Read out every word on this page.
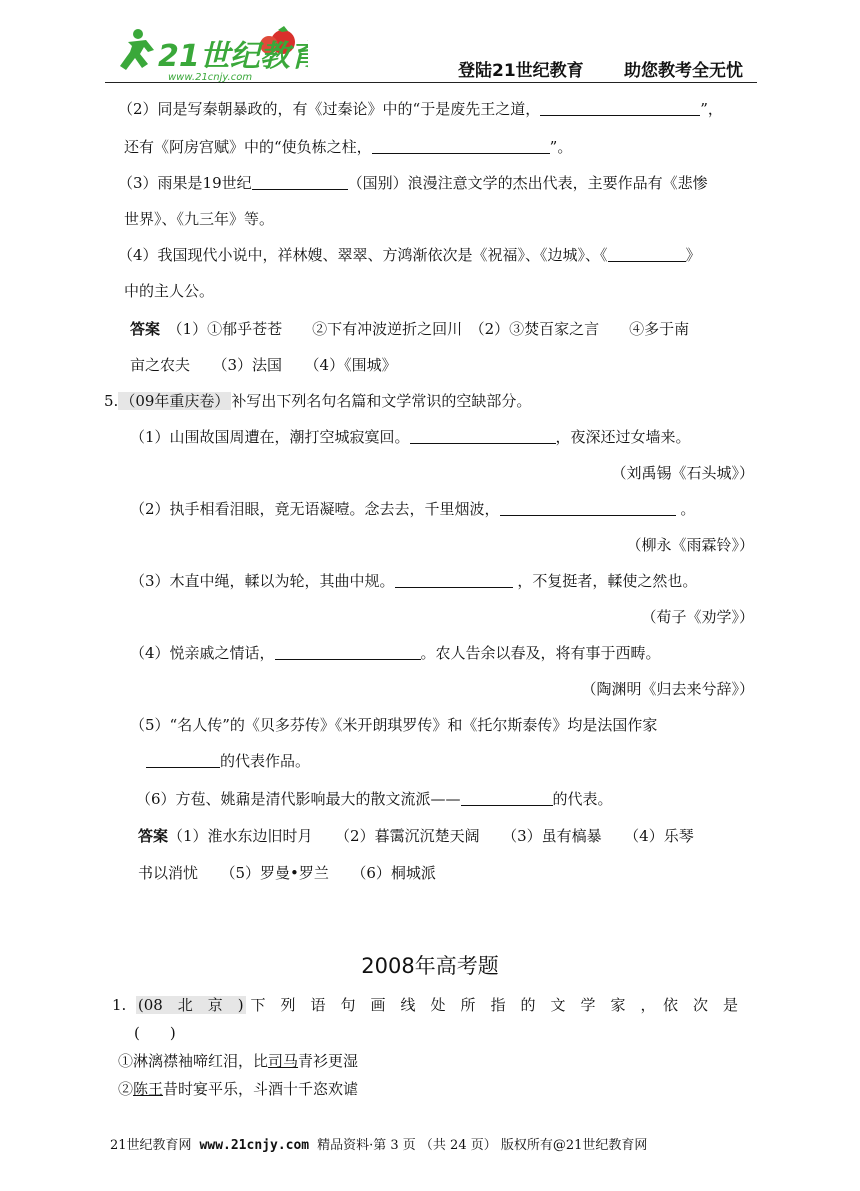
21世纪教育
www.21cnjy.com	登陆21世纪教育 助您教考全无忧
（2）同是写秦朝暴政的，有《过秦论》中的“于是废先王之道，	”，
还有《阿房宫赋》中的“使负栋之柱，	”。
（3）雨果是19世纪	（国别）浪漫注意文学的杰出代表，主要作品有《悲惨
世界》、《九三年》等。
（4）我国现代小说中，祥林嫂、翠翠、方鸿渐依次是《祝福》、《边城》、《	》
中的主人公。
答案　 （1）①郁乎苍苍　　②下有冲波逆折之回川　（2）③焚百家之言　　④多于南
亩之农夫　　（3）法国　　（4）《围城》
5. （09年重庆卷） 补写出下列名句名篇和文学常识的空缺部分。
（1）山围故国周遭在，潮打空城寂寞回。	，夜深还过女墙来。
（刘禹锡《石头城》）
（2）执手相看泪眼，竟无语凝噎。念去去，千里烟波，	。
（柳永《雨霖铃》）
（3）木直中绳，輮以为轮，其曲中规。	，不复挺者，輮使之然也。
（荀子《劝学》）
（4）悦亲戚之情话，	。农人告余以春及，将有事于西畴。
（陶渊明《归去来兮辞》）
（5）“名人传”的《贝多芬传》《米开朗琪罗传》和《托尔斯泰传》均是法国作家
的代表作品。
（6）方苞、姚鼐是清代影响最大的散文流派——	的代表。
答案（1）淮水东边旧时月　　（2）暮霭沉沉楚天阔　　（3）虽有槁暴　　（4）乐琴
书以消忧　　（5）罗曼•罗兰　　（6）桐城派
2008年高考题
1. (08　北　京　) 下　列　语　句　画　线　处　所　指　的　文　学　家　，　依　次　是
(　　)
①淋漓襟袖啼红泪，比司马青衫更湿
②陈王昔时宴平乐，斗酒十千恣欢谑
21世纪教育网 www.21cnjy.com 精品资料·第 3 页 （共 24 页） 版权所有@21世纪教育网
